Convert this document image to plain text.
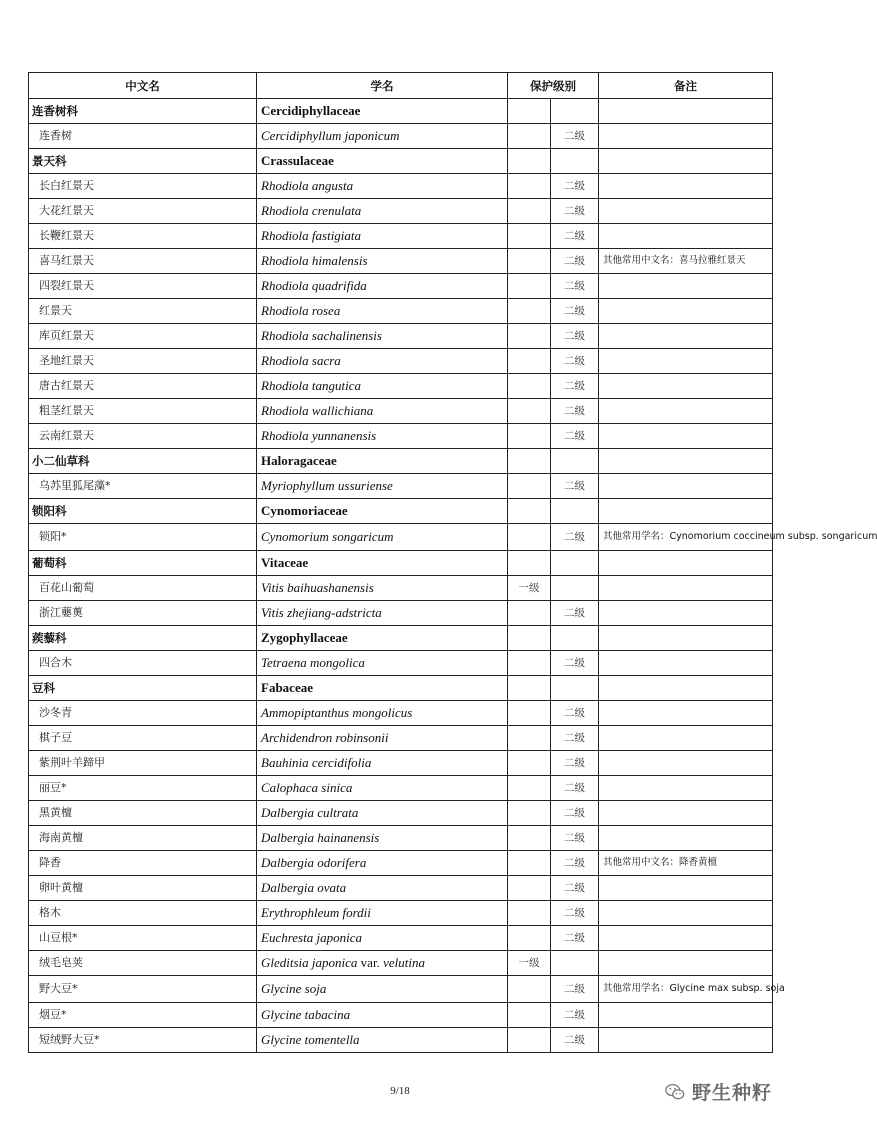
中文名	学名	保护级别		备注
连香树科	Cercidiphyllaceae			
连香树	Cercidiphyllum japonicum		二级	
景天科	Crassulaceae			
长白红景天	Rhodiola angusta		二级	
大花红景天	Rhodiola crenulata		二级	
长鞭红景天	Rhodiola fastigiata		二级	
喜马红景天	Rhodiola himalensis		二级	其他常用中文名：喜马拉雅红景天
四裂红景天	Rhodiola quadrifida		二级	
红景天	Rhodiola rosea		二级	
库页红景天	Rhodiola sachalinensis		二级	
圣地红景天	Rhodiola sacra		二级	
唐古红景天	Rhodiola tangutica		二级	
粗茎红景天	Rhodiola wallichiana		二级	
云南红景天	Rhodiola yunnanensis		二级	
小二仙草科	Haloragaceae			
乌苏里狐尾藻*	Myriophyllum ussuriense		二级	
锁阳科	Cynomoriaceae			
锁阳*	Cynomorium songaricum		二级	其他常用学名：Cynomorium coccineum subsp. songaricum
葡萄科	Vitaceae			
百花山葡萄	Vitis baihuashanensis	一级		
浙江蘡薁	Vitis zhejiang-adstricta		二级	
蒺藜科	Zygophyllaceae			
四合木	Tetraena mongolica		二级	
豆科	Fabaceae			
沙冬青	Ammopiptanthus mongolicus		二级	
棋子豆	Archidendron robinsonii		二级	
紫荆叶羊蹄甲	Bauhinia cercidifolia		二级	
丽豆*	Calophaca sinica		二级	
黑黄檀	Dalbergia cultrata		二级	
海南黄檀	Dalbergia hainanensis		二级	
降香	Dalbergia odorifera		二级	其他常用中文名：降香黄檀
卵叶黄檀	Dalbergia ovata		二级	
格木	Erythrophleum fordii		二级	
山豆根*	Euchresta japonica		二级	
绒毛皂荚	Gleditsia japonica var. velutina	一级		
野大豆*	Glycine soja		二级	其他常用学名：Glycine max subsp. soja
烟豆*	Glycine tabacina		二级	
短绒野大豆*	Glycine tomentella		二级	
9/18	野生种籽
